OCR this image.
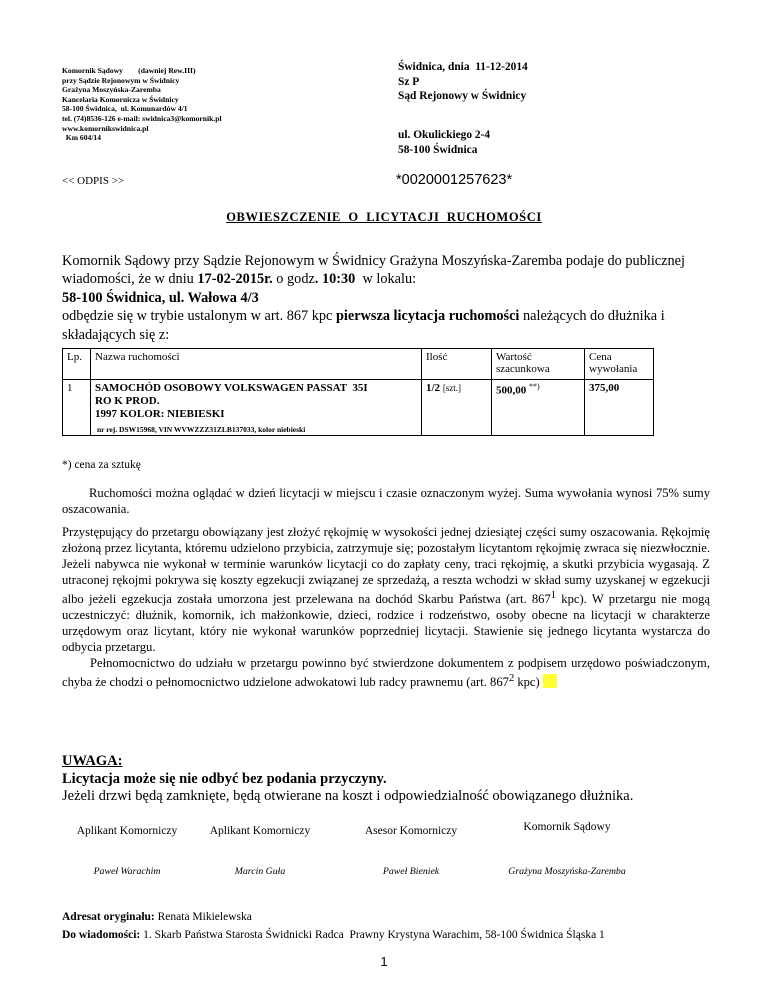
Komornik Sądowy        (dawniej Rew.III)
przy Sądzie Rejonowym w Świdnicy
Grażyna Moszyńska-Zaremba
Kancelaria Komornicza w Świdnicy
58-100 Świdnica,  ul. Komunardów 4/1
tel. (74)8536-126 e-mail: swidnica3@komornik.pl
www.komornikswidnica.pl
Km 604/14
Świdnica, dnia  11-12-2014
Sz P
Sąd Rejonowy w Świdnicy
ul. Okulickiego 2-4
58-100 Świdnica
<< ODPIS >>	*0020001257623*
OBWIESZCZENIE  O  LICYTACJI  RUCHOMOŚCI
Komornik Sądowy przy Sądzie Rejonowym w Świdnicy Grażyna Moszyńska-Zaremba podaje do publicznej wiadomości, że w dniu 17-02-2015r. o godz. 10:30  w lokalu:
58-100 Świdnica, ul. Wałowa 4/3
odbędzie się w trybie ustalonym w art. 867 kpc pierwsza licytacja ruchomości należących do dłużnika i składających się z:
Lp.	Nazwa ruchomości	Ilość	Wartość szacunkowa	Cena wywołania
1	SAMOCHÓD OSOBOWY VOLKSWAGEN PASSAT  35I
RO K PROD.
1997 KOLOR: NIEBIESKI	1/2 [szt.]	500,00 **)	375,00
	nr rej. DSW15968, VIN WVWZZZ31ZLB137033, kolor niebieski			
*) cena za sztukę
Ruchomości można oglądać w dzień licytacji w miejscu i czasie oznaczonym wyżej. Suma wywołania wynosi 75% sumy oszacowania.
Przystępujący do przetargu obowiązany jest złożyć rękojmię w wysokości jednej dziesiątej części sumy oszacowania. Rękojmię złożoną przez licytanta, któremu udzielono przybicia, zatrzymuje się; pozostałym licytantom rękojmię zwraca się niezwłocznie. Jeżeli nabywca nie wykonał w terminie warunków licytacji co do zapłaty ceny, traci rękojmię, a skutki przybicia wygasają. Z utraconej rękojmi pokrywa się koszty egzekucji związanej ze sprzedażą, a reszta wchodzi w skład sumy uzyskanej w egzekucji albo jeżeli egzekucja została umorzona jest przelewana na dochód Skarbu Państwa (art. $867^1$ kpc). W przetargu nie mogą uczestniczyć: dłużnik, komornik, ich małżonkowie, dzieci, rodzice i rodzeństwo, osoby obecne na licytacji w charakterze urzędowym oraz licytant, który nie wykonał warunków poprzedniej licytacji. Stawienie się jednego licytanta wystarcza do odbycia przetargu.
Pełnomocnictwo do udziału w przetargu powinno być stwierdzone dokumentem z podpisem urzędowo poświadczonym, chyba że chodzi o pełnomocnictwo udzielone adwokatowi lub radcy prawnemu (art. $867^2$ kpc)
UWAGA:
Licytacja może się nie odbyć bez podania przyczyny.
Jeżeli drzwi będą zamknięte, będą otwierane na koszt i odpowiedzialność obowiązanego dłużnika.
Aplikant Komorniczy	Aplikant Komorniczy	Asesor Komorniczy	Komornik Sądowy
Paweł Warachim	Marcin Guła	Paweł Bieniek	Grażyna Moszyńska-Zaremba
Adresat oryginału: Renata Mikielewska
Do wiadomości: 1. Skarb Państwa Starosta Świdnicki Radca  Prawny Krystyna Warachim, 58-100 Świdnica Śląska 1
1
